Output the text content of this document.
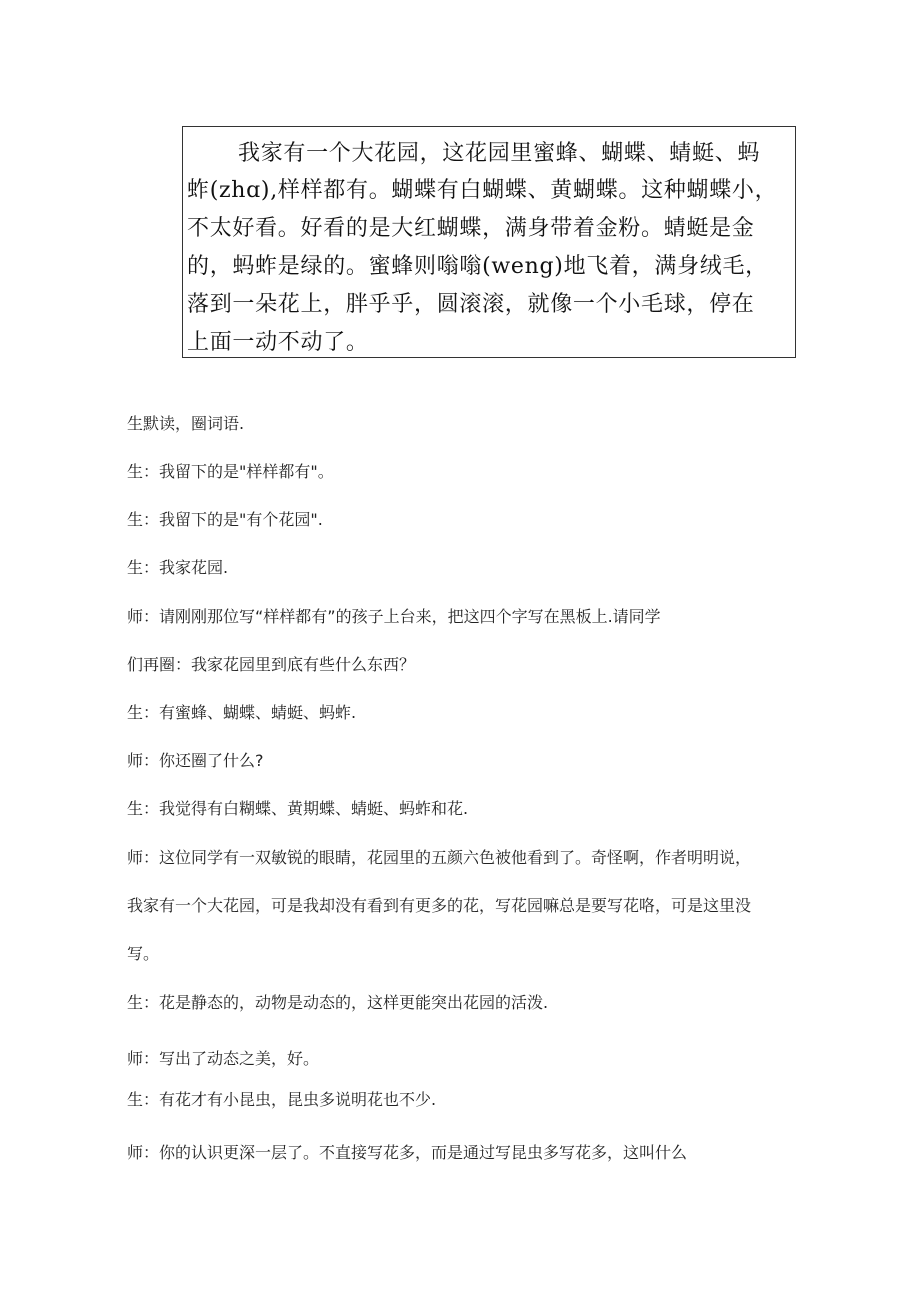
我家有一个大花园，这花园里蜜蜂、蝴蝶、蜻蜓、蚂
蚱(zhɑ),样样都有。蝴蝶有白蝴蝶、黄蝴蝶。这种蝴蝶小，
不太好看。好看的是大红蝴蝶，满身带着金粉。蜻蜓是金
的，蚂蚱是绿的。蜜蜂则嗡嗡(weng)地飞着，满身绒毛，
落到一朵花上，胖乎乎，圆滚滚，就像一个小毛球，停在
上面一动不动了。
生默读，圈词语.
生：我留下的是"样样都有"。
生：我留下的是"有个花园".
生：我家花园.
师：请刚刚那位写“样样都有”的孩子上台来，把这四个字写在黑板上.请同学
们再圈：我家花园里到底有些什么东西？
生：有蜜蜂、蝴蝶、蜻蜓、蚂蚱.
师：你还圈了什么?
生：我觉得有白糊蝶、黄期蝶、蜻蜓、蚂蚱和花.
师：这位同学有一双敏锐的眼睛，花园里的五颜六色被他看到了。奇怪啊，作者明明说，
我家有一个大花园，可是我却没有看到有更多的花，写花园嘛总是要写花咯，可是这里没
写。
生：花是静态的，动物是动态的，这样更能突出花园的活泼.
师：写出了动态之美，好。
生：有花才有小昆虫，昆虫多说明花也不少.
师：你的认识更深一层了。不直接写花多，而是通过写昆虫多写花多，这叫什么
